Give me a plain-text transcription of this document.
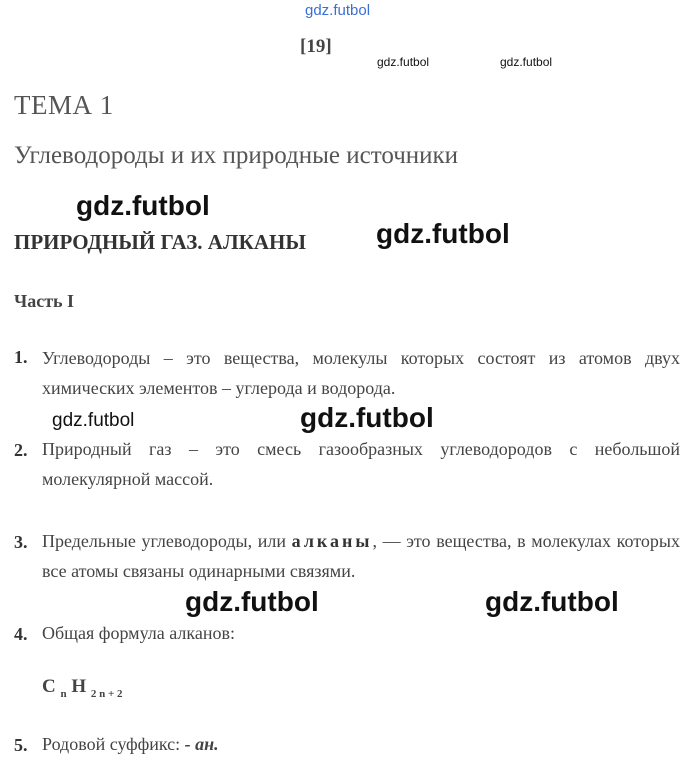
gdz.futbol
gdz.futbol	gdz.futbol
[19]
ТЕМА 1
Углеводороды и их природные источники
gdz.futbol
ПРИРОДНЫЙ ГАЗ. АЛКАНЫ	gdz.futbol
Часть I
1. Углеводороды – это вещества, молекулы которых состоят из атомов двух химических элементов – углерода и водорода.
gdz.futbol	gdz.futbol
2. Природный газ – это смесь газообразных углеводородов с небольшой молекулярной массой.
3. Предельные углеводороды, или алканы, — это вещества, в молекулах которых все атомы связаны одинарными связями.
gdz.futbol	gdz.futbol
4. Общая формула алканов:
C $_n$ H $_{2 n + 2}$
5. Родовой суффикс: - ан.
